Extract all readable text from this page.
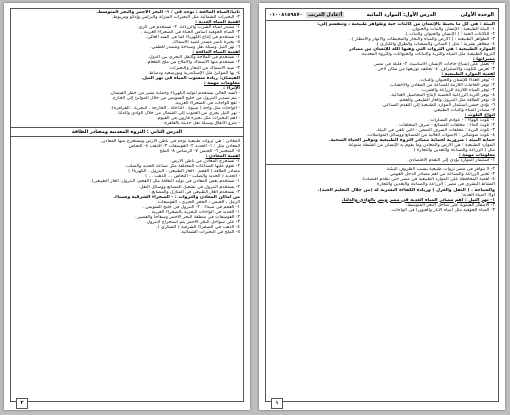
ثانياً:المياه المالحة : توجد فى / ١- البحر الأحمر والبحر المتوسط.
٢- البحيرات الشمالية مثل البحيرات المنزلة والبرلس وإدكو ومريوط.
أهمية المياه العذبة :
١- مصدر لمياه الشرب والزراعة. ٢- تستخدم فى الرى.
٣- المياه الجوفية أساس الحياة فى الصحراء الغربية .
٤- تستخدم فى إنتاج الكهرباء كما فى السد العالى.
٥- بحيرة ناصر مصدر لصيد الأسماك.
٦- نهر النيل وسيلة نقل وسياحة ومصدر للطمي.
أهمية المياه المالحة :
١- تستخدم فى الملاحة والنقل البحري بين الدول.
٢- تستخدم منها الأسماك والأملاح من ملح الطعام.
٣- صيد الأسماك من البحار والبحيرات.
٤- بها الموانئ مثل الإسكندرية وبورسعيد ودمياط.
الفيضان: زيادة منسوب المياه فى نهر النيل.
معلومات مهمة :
الإثراء :
- السد العالى يستخدم لتوليد الكهرباء وحماية مصر من خطر الفيضان.
- يتم تصدير البترول من خليج السويس من خلال الموانئ إلى الخارج.
- تقع الواحات فى الصحراء الغربية.
- الواحات مثل واحة ( سيوة . الداخلة . الخارجة . البحرية . الفرافرة).
- نهر النيل يجري من الجنوب إلى الشمال من خلال الوادى والدلتا.
- أهم البحيرات مثل بحيرة قارون فى الفيوم.
- مترو الأنفاق وسيلة نقل حديثة بالقاهرة.
الدرس الثاني : الثروة المعدنية ومصادر الطاقة
المعادن : هي ثروات طبيعية توجد فى باطن الأرض وتستخرج منها المعادن.
المعادن مثل : ١- الحديد ٢- الفوسفات ٣- الذهب ٤- النحاس
٥- المنجنيز ٦- الجبس ٧- الرصاص ٨- الملح
أهمية المعادن :
١- تستخرج المعادن من باطن الأرض.
٢- تقوم عليها الصناعات المختلفة مثل صناعة الحديد والصلب.
مصادر الطاقة [ الفحم . الغاز الطبيعى . البترول . الكهرباء ]
- الحديد ( الحديد والصلب - النحاس ... الذهب ... )
١- تستخدم بعض المعادن فى توليد الطاقة مثل (الفحم، البترول، الغاز الطبيعى).
٢- يستخدم البترول فى تشغيل المصانع ووسائل النقل.
٣- يستخدم الغاز الطبيعى فى المنازل والمصانع.
من أماكن المعادن والثروات : - الصحراء الشرقية وسيناء.
الرمل ، الجبس ، الحجر الجيري ، الفوسفات.
١- الفحم فى سيناء . ٢- البترول فى خليج السويس .
١- الحديد فى الواحات البحرية بالصحراء الغربية .
٢- الفوسفات فى منطقة البحر الأحمر وسفاجا والقصير .
٣- على سواحل البحر الأحمر يتم استخراج البترول.
٤- الذهب في الصحراء الشرقية ( السكرى ).
٥- الملح في البحيرات الشمالية.
٢
الوحدة الأولى
الدرس الأول: الموارد المائية
أ/عادل الغريب
٠١٠٠٨١٥٩٨٧٠
البيئة : هي كل ما يحيط بالإنسان من كائنات حية وظواهر طبيعية ، وتنقسم إلى:
١- البيئة الطبيعية : الإنسان والنبات والحيوان.
٢- الكائنات الحية : [ الإنسان والحيوان والنبات ].
٣- الظواهر الطبيعية : [ الأرض والمياه والبحار والمحيطات والأنهار والأمطار ].
٤- مظاهر بشرية : مثل [ المباني والمنشآت والطرق والكباري ].
الموارد الطبيعية : هي الثروات التي وهبها الله للإنسان من مصادر
الثروة الطبيعية مثل المياه والتربة والنباتات والحيوانات والثروة المعدنية.
مميزاتها :
١- تعمل على إشباع حاجات الإنسان الأساسية. ٢- قليلة فى مصر.
٣- تعرض للتلوث والاستنزاف. ٤- تختلف توزيعها من مكان لآخر.
أهمية الموارد الطبيعية :
١- توفر الغذاء للإنسان والحيوان والنبات.
٢- توفر الخامات اللازمة للصناعة من المعادن والأخشاب.
٣- توفر المياه اللازمة للزراعة والشرب.
٤- توفر التربة الزراعية الخصبة لإنتاج المحاصيل الغذائية.
٥- توفر الطاقة مثل البترول والغاز الطبيعي والفحم.
٦- يؤدى حسن استثمار الموارد الطبيعية إلى التقدم الصناعي.
٧- مصادر المياه والنبات الطبيعي.
أنواع التلوث :
١- تلوث الهواء : - عوادم السيارات .
٢- تلوث الماء : مخلفات المصانع - صرف المخلفات .
٣- تلوث التربة : مخلفات الصرف الصحي - التي تلقي في البيئة.
٤- تلوث ضوضائي : الأصوات العالية من المصانع ووسائل المواصلات.
حماية البيئة : ضرورية لحماية مصادر الثروة الطبيعية وتوفير الحياة الصحية.
الموارد الطبيعية : هي الأرض والمعادن وما يقوم به الإنسان من أنشطة متنوعة
مثل ( الزراعة والصناعة والتعدين والتجارة )
معلومات مهمة :
١- استثمار الموارد يؤدي إلى التقدم الاقتصادي.
٢- لا يتوافر فى مصر ثروات طبيعية بسبب الظروف البيئية.
٣- تعتبر الزراعة والصناعة من أهم مصادر الدخل القومي.
٤- أهمية المحافظة على الموارد الطبيعية في مصر حتى نتقدم اقتصادياً.
النشاط البشري فى مصر : الزراعة والصناعة والتعدين والتجارة
والسياحة . ( النقل والغزل ) وزيادة الكفاءة البشرية له (من خلال التعليم الجيد).
أولاً: المياه العذبة:
١- نهر النيل : أهم مصادر المياه العذبة في مصر ويمر بالوادي والدلتا.
٢- الأمطار الشتوية على ساحل البحر المتوسط.
٣- المياه الجوفية مثل (مياه الآبار والعيون) فى الواحات.
١
